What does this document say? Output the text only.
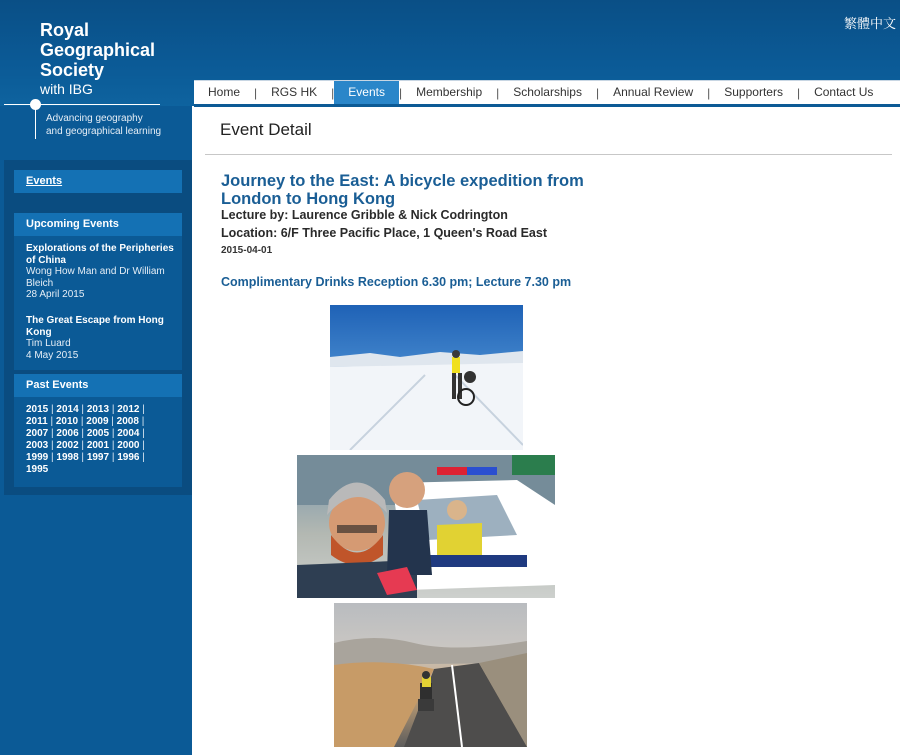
Royal
Geographical
Society
with IBG
繁體中文
Advancing geography
and geographical learning
Home	|	RGS HK	|	Events	|	Membership	|	Scholarships	|	Annual Review	|	Supporters	|	Contact Us
Events
Upcoming Events
Explorations of the Peripheries of China
Wong How Man and Dr William Bleich
28 April 2015
The Great Escape from Hong Kong
Tim Luard
4 May 2015
Past Events
2015 | 2014 | 2013 | 2012 |
2011 | 2010 | 2009 | 2008 |
2007 | 2006 | 2005 | 2004 |
2003 | 2002 | 2001 | 2000 |
1999 | 1998 | 1997 | 1996 |
1995
Event Detail
Journey to the East: A bicycle expedition from London to Hong Kong
Lecture by: Laurence Gribble & Nick Codrington
Location: 6/F Three Pacific Place, 1 Queen's Road East
2015-04-01
Complimentary Drinks Reception 6.30 pm; Lecture 7.30 pm
